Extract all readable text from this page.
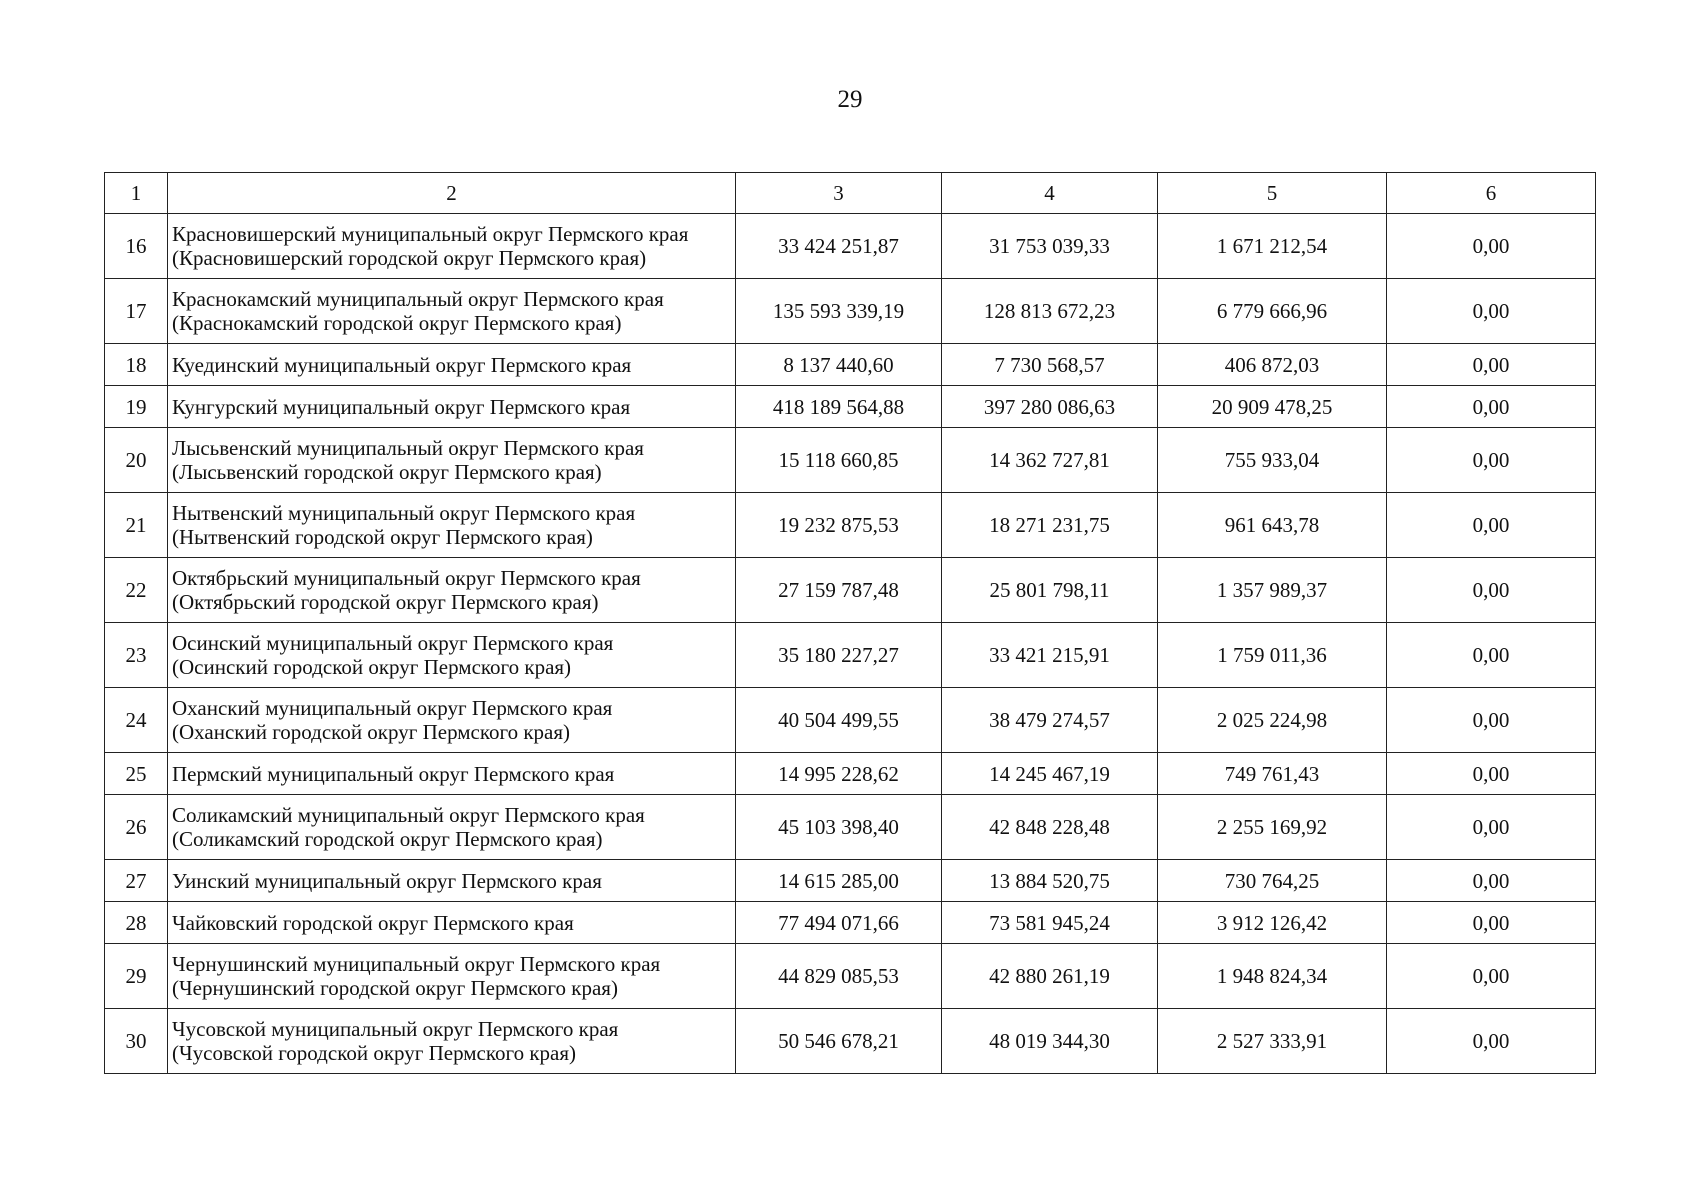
29
1	2	3	4	5	6
16	Красновишерский муниципальный округ Пермского края
(Красновишерский городской округ Пермского края)	33 424 251,87	31 753 039,33	1 671 212,54	0,00
17	Краснокамский муниципальный округ Пермского края
(Краснокамский городской округ Пермского края)	135 593 339,19	128 813 672,23	6 779 666,96	0,00
18	Куединский муниципальный округ Пермского края	8 137 440,60	7 730 568,57	406 872,03	0,00
19	Кунгурский муниципальный округ Пермского края	418 189 564,88	397 280 086,63	20 909 478,25	0,00
20	Лысьвенский муниципальный округ Пермского края
(Лысьвенский городской округ Пермского края)	15 118 660,85	14 362 727,81	755 933,04	0,00
21	Нытвенский муниципальный округ Пермского края
(Нытвенский городской округ Пермского края)	19 232 875,53	18 271 231,75	961 643,78	0,00
22	Октябрьский муниципальный округ Пермского края
(Октябрьский городской округ Пермского края)	27 159 787,48	25 801 798,11	1 357 989,37	0,00
23	Осинский муниципальный округ Пермского края
(Осинский городской округ Пермского края)	35 180 227,27	33 421 215,91	1 759 011,36	0,00
24	Оханский муниципальный округ Пермского края
(Оханский городской округ Пермского края)	40 504 499,55	38 479 274,57	2 025 224,98	0,00
25	Пермский муниципальный округ Пермского края	14 995 228,62	14 245 467,19	749 761,43	0,00
26	Соликамский муниципальный округ Пермского края
(Соликамский городской округ Пермского края)	45 103 398,40	42 848 228,48	2 255 169,92	0,00
27	Уинский муниципальный округ Пермского края	14 615 285,00	13 884 520,75	730 764,25	0,00
28	Чайковский городской округ Пермского края	77 494 071,66	73 581 945,24	3 912 126,42	0,00
29	Чернушинский муниципальный округ Пермского края
(Чернушинский городской округ Пермского края)	44 829 085,53	42 880 261,19	1 948 824,34	0,00
30	Чусовской муниципальный округ Пермского края
(Чусовской городской округ Пермского края)	50 546 678,21	48 019 344,30	2 527 333,91	0,00
